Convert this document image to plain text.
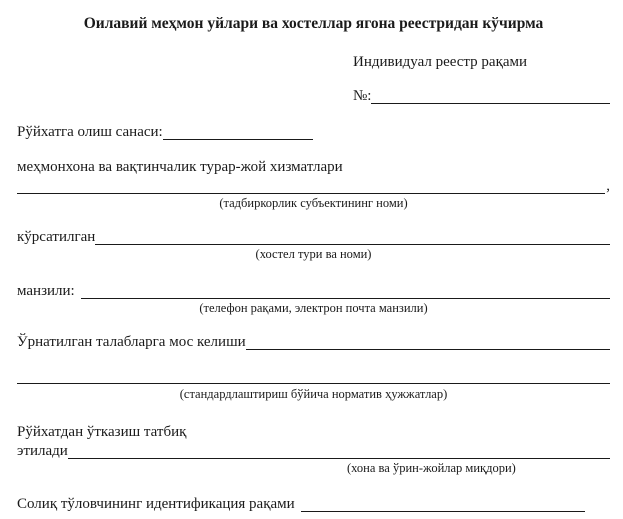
Оилавий меҳмон уйлари ва хостеллар ягона реестридан кўчирма
Индивидуал реестр рақами
№:
Рўйхатга олиш санаси:
меҳмонхона ва вақтинчалик турар-жой хизматлари
,
(тадбиркорлик субъектининг номи)
кўрсатилган
(хостел тури ва номи)
манзили:
(телефон рақами, электрон почта манзили)
Ўрнатилган талабларга мос келиши
(стандардлаштириш бўйича норматив ҳужжатлар)
Рўйхатдан ўтказиш татбиқ
этилади
(хона ва ўрин-жойлар миқдори)
Солиқ тўловчининг идентификация рақами
